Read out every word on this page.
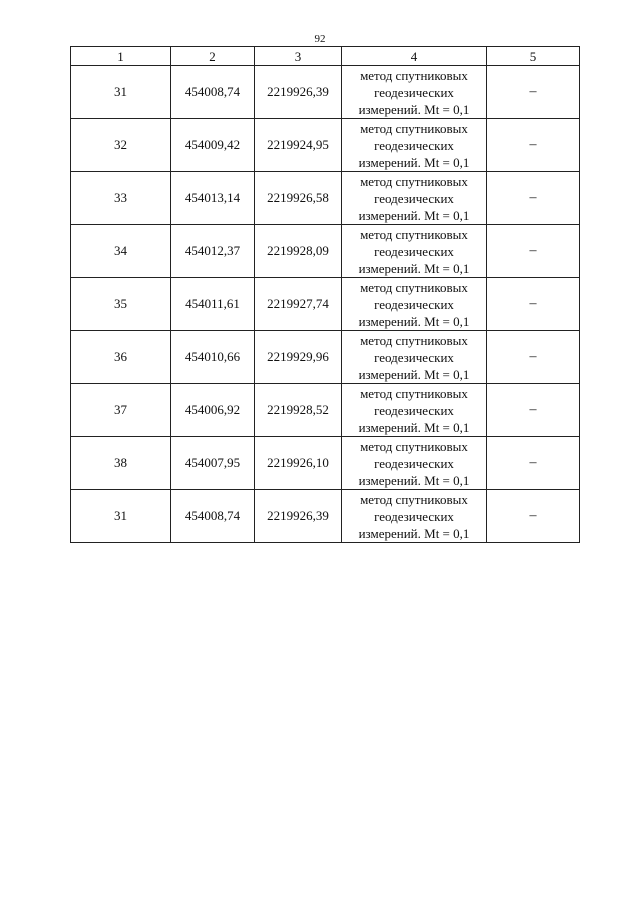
92
1	2	3	4	5
31	454008,74	2219926,39	метод спутниковых
геодезических
измерений. Mt = 0,1	–
32	454009,42	2219924,95	метод спутниковых
геодезических
измерений. Mt = 0,1	–
33	454013,14	2219926,58	метод спутниковых
геодезических
измерений. Mt = 0,1	–
34	454012,37	2219928,09	метод спутниковых
геодезических
измерений. Mt = 0,1	–
35	454011,61	2219927,74	метод спутниковых
геодезических
измерений. Mt = 0,1	–
36	454010,66	2219929,96	метод спутниковых
геодезических
измерений. Mt = 0,1	–
37	454006,92	2219928,52	метод спутниковых
геодезических
измерений. Mt = 0,1	–
38	454007,95	2219926,10	метод спутниковых
геодезических
измерений. Mt = 0,1	–
31	454008,74	2219926,39	метод спутниковых
геодезических
измерений. Mt = 0,1	–
